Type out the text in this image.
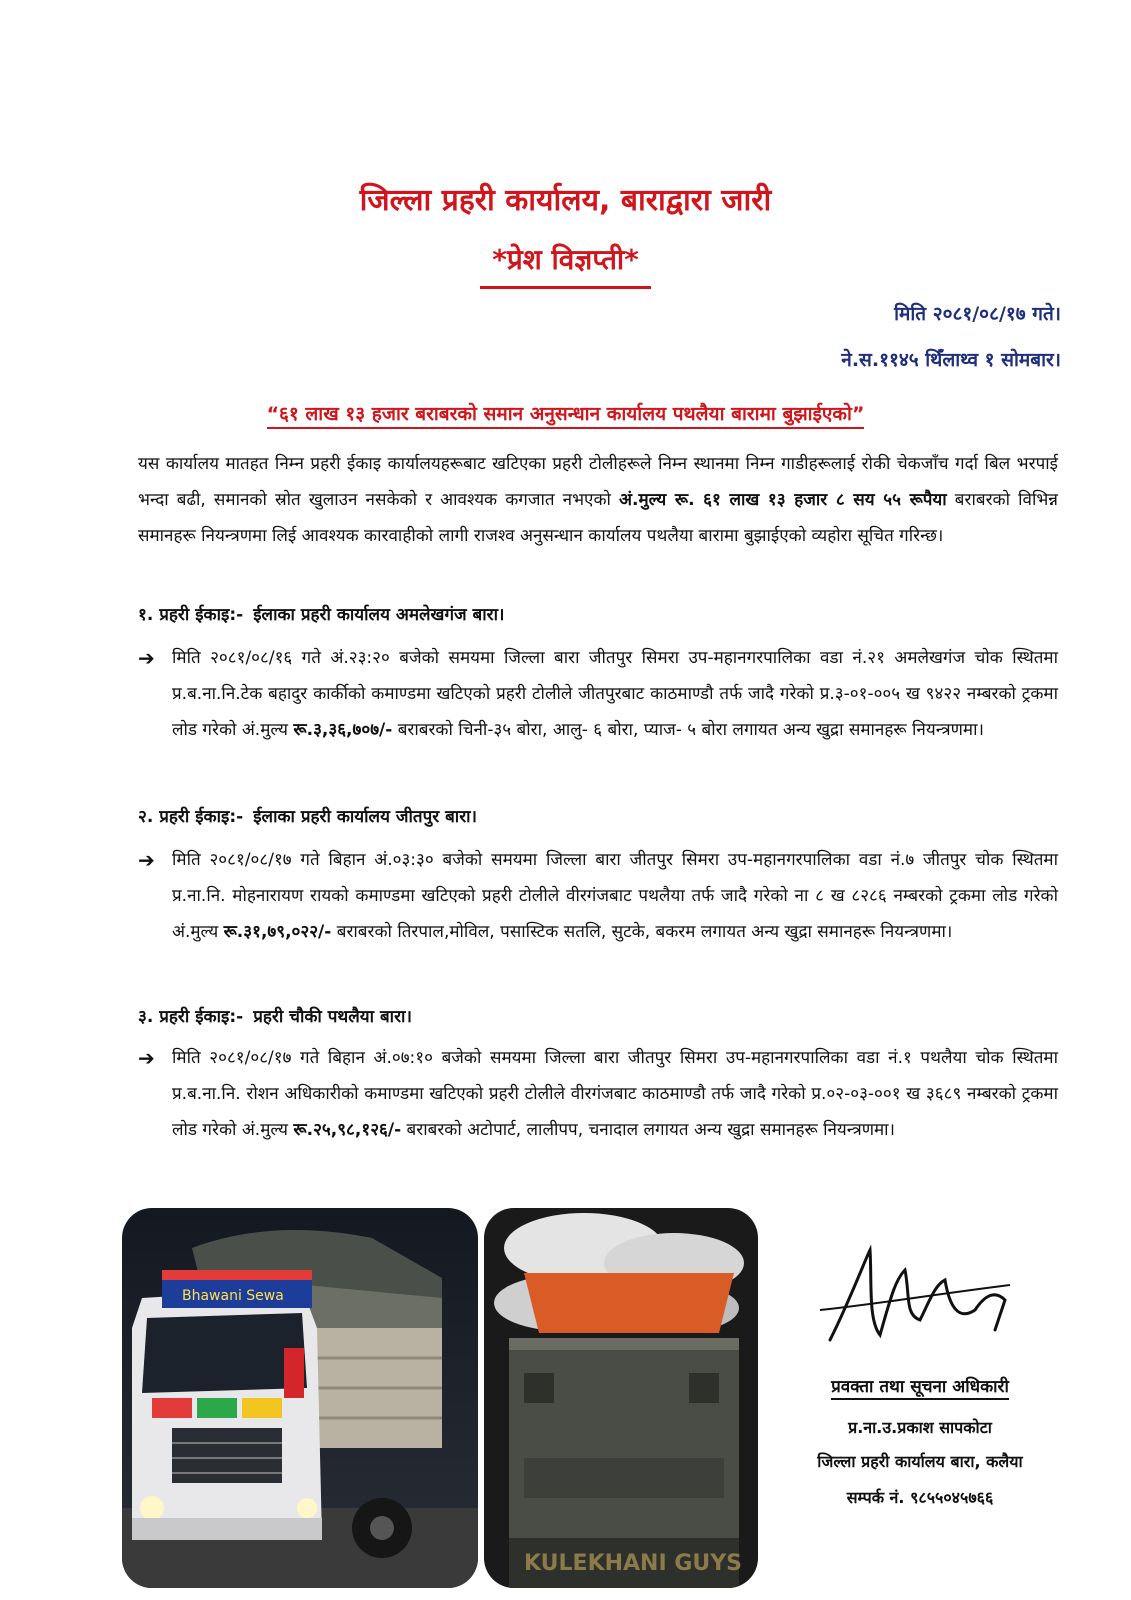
जिल्ला प्रहरी कार्यालय, बाराद्वारा जारी
*प्रेश विज्ञप्ती*
मिति २०८१/०८/१७ गते।
ने.स.११४५ थिँलाथ्व १ सोमबार।
“६१ लाख १३ हजार बराबरको समान अनुसन्धान कार्यालय पथलैया बारामा बुझाईएको”

यस कार्यालय मातहत निम्न प्रहरी ईकाइ कार्यालयहरूबाट खटिएका प्रहरी टोलीहरूले निम्न स्थानमा निम्न गाडीहरूलाई रोकी चेकजाँच गर्दा बिल भरपाई भन्दा बढी, समानको स्रोत खुलाउन नसकेको र आवश्यक कगजात नभएको अं.मुल्य रू. ६१ लाख १३ हजार ८ सय ५५ रूपैया बराबरको विभिन्न समानहरू नियन्त्रणमा लिई आवश्यक कारवाहीको लागी राजश्व अनुसन्धान कार्यालय पथलैया बारामा बुझाईएको व्यहोरा सूचित गरिन्छ।

१. प्रहरी ईकाइ:- ईलाका प्रहरी कार्यालय अमलेखगंज बारा।
➔	मिति २०८१/०८/१६ गते अं.२३:२० बजेको समयमा जिल्ला बारा जीतपुर सिमरा उप-महानगरपालिका वडा नं.२१ अमलेखगंज चोक स्थितमा प्र.ब.ना.नि.टेक बहादुर कार्कीको कमाण्डमा खटिएको प्रहरी टोलीले जीतपुरबाट काठमाण्डौ तर्फ जादै गरेको प्र.३-०१-००५ ख ९४२२ नम्बरको ट्रकमा लोड गरेको अं.मुल्य रू.३,३६,७०७/- बराबरको चिनी-३५ बोरा, आलु- ६ बोरा, प्याज- ५ बोरा लगायत अन्य खुद्रा समानहरू नियन्त्रणमा।

२. प्रहरी ईकाइ:- ईलाका प्रहरी कार्यालय जीतपुर बारा।
➔	मिति २०८१/०८/१७ गते बिहान अं.०३:३० बजेको समयमा जिल्ला बारा जीतपुर सिमरा उप-महानगरपालिका वडा नं.७ जीतपुर चोक स्थितमा प्र.ना.नि. मोहनारायण रायको कमाण्डमा खटिएको प्रहरी टोलीले वीरगंजबाट पथलैया तर्फ जादै गरेको ना ८ ख ८२८६ नम्बरको ट्रकमा लोड गरेको अं.मुल्य रू.३१,७९,०२२/- बराबरको तिरपाल,मोविल, पसास्टिक सतलि, सुटके, बकरम लगायत अन्य खुद्रा समानहरू नियन्त्रणमा।

३. प्रहरी ईकाइ:- प्रहरी चौकी पथलैया बारा।
➔	मिति २०८१/०८/१७ गते बिहान अं.०७:१० बजेको समयमा जिल्ला बारा जीतपुर सिमरा उप-महानगरपालिका वडा नं.१ पथलैया चोक स्थितमा प्र.ब.ना.नि. रोशन अधिकारीको कमाण्डमा खटिएको प्रहरी टोलीले वीरगंजबाट काठमाण्डौ तर्फ जादै गरेको प्र.०२-०३-००१ ख ३६८९ नम्बरको ट्रकमा लोड गरेको अं.मुल्य रू.२५,९८,१२६/- बराबरको अटोपार्ट, लालीपप, चनादाल लगायत अन्य खुद्रा समानहरू नियन्त्रणमा।

Bhawani Sewa
KULEKHANI GUYS
प्रवक्ता तथा सूचना अधिकारी
प्र.ना.उ.प्रकाश सापकोटा
जिल्ला प्रहरी कार्यालय बारा, कलैया
सम्पर्क नं. ९८५५०४५७६६
